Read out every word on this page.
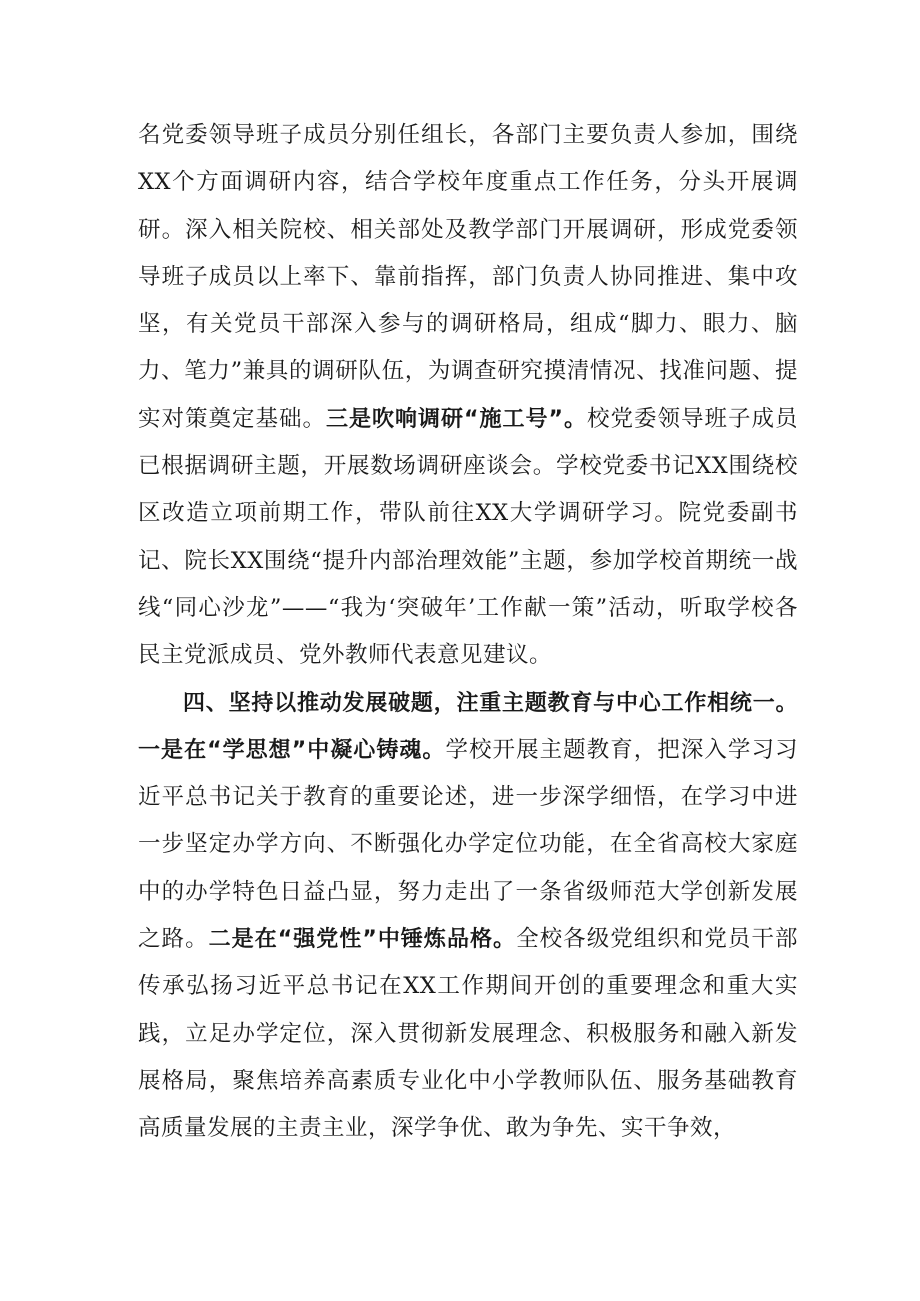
名党委领导班子成员分别任组长，各部门主要负责人参加，围绕XX个方面调研内容，结合学校年度重点工作任务，分头开展调研。深入相关院校、相关部处及教学部门开展调研，形成党委领导班子成员以上率下、靠前指挥，部门负责人协同推进、集中攻坚，有关党员干部深入参与的调研格局，组成“脚力、眼力、脑力、笔力”兼具的调研队伍，为调查研究摸清情况、找准问题、提实对策奠定基础。三是吹响调研“施工号”。校党委领导班子成员已根据调研主题，开展数场调研座谈会。学校党委书记XX围绕校区改造立项前期工作，带队前往XX大学调研学习。院党委副书记、院长XX围绕“提升内部治理效能”主题，参加学校首期统一战线“同心沙龙”——“我为‘突破年’工作献一策”活动，听取学校各民主党派成员、党外教师代表意见建议。

四、坚持以推动发展破题，注重主题教育与中心工作相统一。一是在“学思想”中凝心铸魂。学校开展主题教育，把深入学习习近平总书记关于教育的重要论述，进一步深学细悟，在学习中进一步坚定办学方向、不断强化办学定位功能，在全省高校大家庭中的办学特色日益凸显，努力走出了一条省级师范大学创新发展之路。二是在“强党性”中锤炼品格。全校各级党组织和党员干部传承弘扬习近平总书记在XX工作期间开创的重要理念和重大实践，立足办学定位，深入贯彻新发展理念、积极服务和融入新发展格局，聚焦培养高素质专业化中小学教师队伍、服务基础教育高质量发展的主责主业，深学争优、敢为争先、实干争效，
